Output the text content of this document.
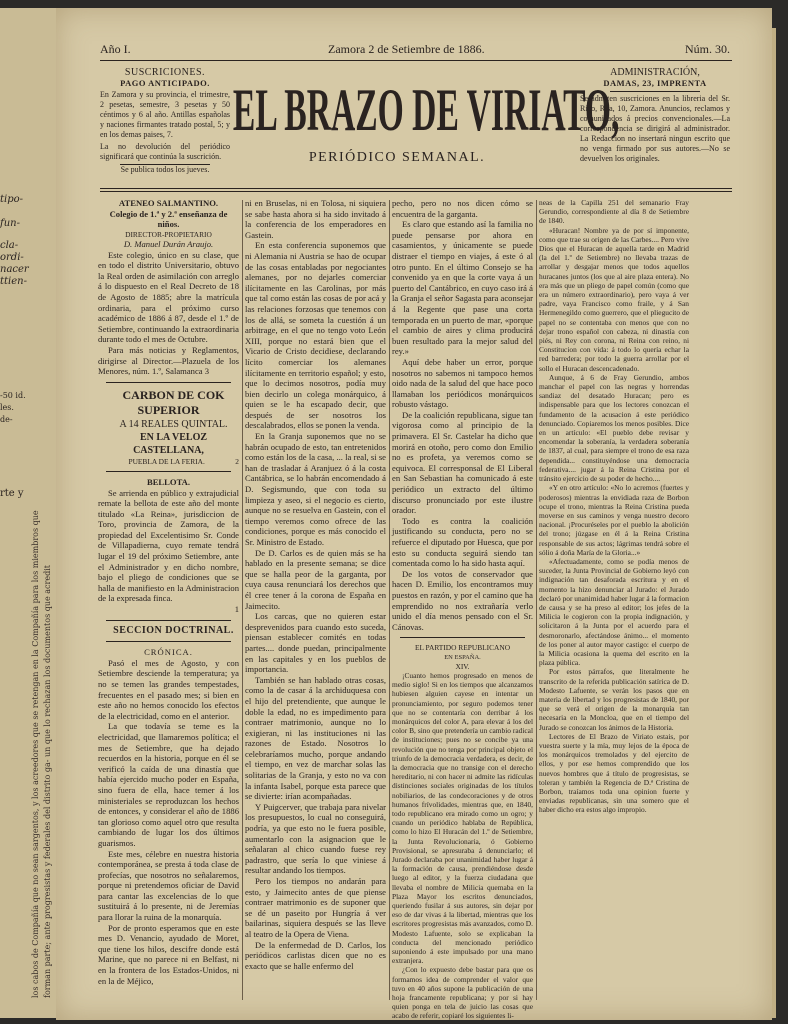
tipo-
fun-
cla-
ordi-
nacer
ttien-
-50 id.
les.
de-
rte y
los cabos de Compañía que no sean sargentos, y los acreedores que se retengan en la Compañía para los miembros que forman parte; ante progresistas y federales del distrito ga- un que lo rechazan los documentos que acredit
Año I.	Zamora 2 de Setiembre de 1886.	Núm. 30.
SUSCRICIONES.
PAGO ANTICIPADO.

En Zamora y su provincia, el trimestre, 2 pesetas, semestre, 3 pesetas y 50 céntimos y 6 al año. Antillas españolas y naciones firmantes tratado postal, 5; y en los demas paises, 7.

La no devolución del periódico significará que continúa la suscrición.

Se publica todos los jueves.
EL BRAZO DE VIRIATO,
PERIÓDICO SEMANAL.
ADMINISTRACIÓN,
DAMAS, 23, IMPRENTA

Se admiten suscriciones en la libreria del Sr. Rico, Rua, 10, Zamora. Anuncios, reclamos y comunicados á precios convencionales.—La correspondencia se dirigirá al administrador. La Redaccion no insertará ningun escrito que no venga firmado por sus autores.—No se devuelven los originales.

ATENEO SALMANTINO.

Colegio de 1.ª y 2.ª enseñanza de niños.

DIRECTOR-PROPIETARIO

D. Manuel Durán Araujo.

Este colegio, único en su clase, que en todo el distrito Universitario, obtuvo la Real orden de asimilación con arreglo á lo dispuesto en el Real Decreto de 18 de Agosto de 1885; abre la matrícula ordinaria, para el próximo curso académico de 1886 á 87, desde el 1.º de Setiembre, continuando la extraordinaria durante todo el mes de Octubre.

Para más noticias y Reglamentos, dirigirse al Director.—Plazuela de los Menores, núm. 1.º, Salamanca 3

CARBON DE COK SUPERIOR

A 14 REALES QUINTAL.

EN LA VELOZ CASTELLANA,

PUEBLA DE LA FERIA.	2

BELLOTA.

Se arrienda en público y extrajudicial remate la bellota de este año del monte titulado «La Reina», jurisdiccion de Toro, provincia de Zamora, de la propiedad del Excelentisimo Sr. Conde de Villapadierna, cuyo remate tendrá lugar el 19 del próximo Setiembre, ante el Administrador y en dicho nombre, bajo el pliego de condiciones que se halla de manifiesto en la Administracion de la expresada finca.

1

SECCION DOCTRINAL.

CRÓNICA.

Pasó el mes de Agosto, y con Setiembre desciende la temperatura; ya no se temen las grandes tempestades, frecuentes en el pasado mes; si bien en este año no hemos conocido los efectos de la electricidad, como en el anterior.

La que todavía se teme es la electricidad, que llamaremos política; el mes de Setiembre, que ha dejado recuerdos en la historia, porque en él se verificó la caída de una dinastía que había ejercido mucho poder en España, sino fuera de ella, hace temer á los ministeriales se reproduzcan los hechos de entonces, y considerar el año de 1886 tan glorioso como aquel otro que resulta cambiando de lugar los dos últimos guarismos.

Este mes, célebre en nuestra historia contemporánea, se presta á toda clase de profecías, que nosotros no señalaremos, porque ni pretendemos oficiar de David para cantar las excelencias de lo que sustituirá á lo presente, ni de Jeremías para llorar la ruina de la monarquía.

Por de pronto esperamos que en este mes D. Venancio, ayudado de Moret, que tiene los hilos, descifre donde está Marine, que no parece ni en Belfast, ni en la frontera de los Estados-Unidos, ni en la de Méjico,

ni en Bruselas, ni en Tolosa, ni siquiera se sabe hasta ahora si ha sido invitado á la conferencia de los emperadores en Gastein.

En esta conferencia suponemos que ni Alemania ni Austria se hao de ocupar de las cosas entabladas por negociantes alemanes, por no dejarles comerciar ilícitamente en las Carolinas, por más que tal como están las cosas de por acá y las relaciones forzosas que tenemos con los de allá, se someta la cuestión á un arbitrage, en el que no tengo voto León XIII, porque no estará bien que el Vicario de Cristo decidiese, declarando lícito comerciar los alemanes ilícitamente en territorio español; y esto, que lo decimos nosotros, podía muy bien decirlo un colega monárquico, á quien se le ha escapado decir, que después de ser nosotros los descalabrados, ellos se ponen la venda.

En la Granja suponemos que no se habrán ocupado de esto, tan entretenidos como están los de la casa, ... la real, si se han de trasladar á Aranjuez ó á la costa Cantábrica, se lo habrán encomendado á D. Segismundo, que con toda su limpieza y aseo, si el negocio es cierto, aunque no se resuelva en Gastein, con el tiempo veremos como ofrece de las condiciones, porque es más conocido el Sr. Ministro de Estado.

De D. Carlos es de quien más se ha hablado en la presente semana; se dice que se halla peor de la garganta, por cuya causa renunciará los derechos que él cree tener á la corona de España en Jaimecito.

Los carcas, que no quieren estar desprevenidos para cuando esto suceda, piensan establecer comités en todas partes.... donde puedan, principalmente en las capitales y en los pueblos de importancia.

También se han hablado otras cosas, como la de casar á la archiduquesa con el hijo del pretendiente, que aunque le doble la edad, no es impedimento para contraer matrimonio, aunque no lo exigieran, ni las instituciones ni las razones de Estado. Nosotros lo celebraríamos mucho, porque andando el tiempo, en vez de marchar solas las solitarias de la Granja, y esto no va con la infanta Isabel, porque esta parece que se divierte: irían acompañadas.

Y Puigcerver, que trabaja para nivelar los presupuestos, lo cual no conseguirá, podría, ya que esto no le fuera posible, aumentarlo con la asignacion que le señalaran al chico cuando fuese rey padrastro, que sería lo que viniese á resultar andando los tiempos.

Pero los tiempos no andarán para esto, y Jaimecito antes de que piense contraer matrimonio es de suponer que se dé un paseito por Hungría á ver bailarinas, siquiera después se las lleve al teatro de la Opera de Viena.

De la enfermedad de D. Carlos, los periódicos carlistas dicen que no es exacto que se halle enfermo del

pecho, pero no nos dicen cómo se encuentra de la garganta.

Es claro que estando así la familia no puede pensarse por ahora en casamientos, y únicamente se puede distraer el tiempo en viajes, á este ó al otro punto. En el último Consejo se ha convenido ya en que la corte vaya á un puerto del Cantábrico, en cuyo caso irá á la Granja el señor Sagasta para aconsejar á la Regente que pase una corta temporada en un puerto de mar, «porque el cambio de aires y clima producirá buen resultado para la mejor salud del rey.»

Aquí debe haber un error, porque nosotros no sabemos ni tampoco hemos oido nada de la salud del que hace poco llamaban los periódicos monárquicos robusto vástago.

De la coalición republicana, sigue tan vigorosa como al principio de la primavera. El Sr. Castelar ha dicho que morirá en otoño, pero como don Emilio no es profeta, ya veremos como se equivoca. El corresponsal de El Liberal en San Sebastian ha comunicado á este periódico un extracto del último discurso pronunciado por este ilustre orador.

Todo es contra la coalición justificando su conducta, pero no se refuerce el diputado por Huesca, que por esto su conducta seguirá siendo tan comentada como lo ha sido hasta aquí.

De los votos de conservador que hacen D. Emilio, los encontramos muy puestos en razón, y por el camino que ha emprendido no nos extrañaría verlo unido el día menos pensado con el Sr. Cánovas.

EL PARTIDO REPUBLICANO

EN ESPAÑA.

XIV.

¡Cuanto hemos progresado en menos de medio siglo! Si en los tiempos que alcanzamos hubiesen alguien cayese en intentar un pronunciamiento, por seguro podemos tener que no se contentaría con derribar á los monárquicos del color A, para elevar á los del color B, sino que pretendería un cambio radical de instituciones; pues no se concibe ya una revolución que no tenga por principal objeto el triunfo de la democracia verdadera, es decir, de la democracia que no transige con el derecho hereditario, ni con hacer ni admite las ridículas distinciones sociales originadas de los títulos nobiliarios, de las condecoraciones y de otros humanos frívolidades, mientras que, en 1840, todo republicano era mirado como un ogro; y cuando un periódico hablaba de República, como lo hizo El Huracán del 1.º de Setiembre, la Junta Revolucionaria, ó Gobierno Provisional, se apresuraba á denunciarlo; el Jurado declaraba por unanimidad haber lugar á la formación de causa, prendiéndose desde luego al editor, y la fuerza ciudadana que llevaba el nombre de Milicia quemaba en la Plaza Mayor los escritos denunciados, queriendo fusilar á sus autores, sin dejar por eso de dar vivas á la libertad, mientras que los escritores progresistas más avanzados, como D. Modesto Lafuente, solo se explicaban la conducta del mencionado periódico suponiendo á este impulsado por una mano extranjera.

¿Con lo expuesto debe bastar para que os formamos idea de comprender el valor que tuvo en 40 años supone la publicación de una hoja francamente republicana; y por si hay quien ponga en tela de juicio las cosas que acabo de referir, copiaré los siguientes li-

neas de la Capilla 251 del semanario Fray Gerundio, correspondiente al día 8 de Setiembre de 1840.

«Huracan! Nombre ya de por sí imponente, como que trae su origen de las Carbes.... Pero vive Dios que el Huracan de aquella tarde en Madrid (la del 1.º de Setiembre) no llevaba trazas de arrollar y desgajar menos que todos aquellos huracanes juntos (los que al aire plaza entera). No era más que un pliego de papel común (como que era un número extraordinario), pero vaya á ver padre, vaya Francisco como fraile, y á San Hermenegildo como guerrero, que el pliegucito de papel no se contentaba con menos que con no dejar trono español con cabeza, ni dinastía con piés, ni Rey con corona, ni Reina con reino, ni Constitucion con vida: á todo lo quería echar la red barredera; por todo la guerra arrollar por el sollo el Huracan descencadenado.

Aunque, á 6 de Fray Gerundio, ambos manchar el papel con las negras y horrendas sandiaz del desatado Huracan; pero es indispensable para que los lectores conozcan el fundamento de la acusacion á este periódico denunciado. Copiaremos los menos posibles. Dice en un artículo: «El pueblo debe revisar y encomendar la soberanía, la verdadera soberanía de 1837, al cual, para siempre el trono de esa raza dependida... constituyéndose una democracia federativa.... jugar á la Reina Cristina por el tránsito ejercicio de su poder de hecho....

«Y en otro artículo: «No lo acremos (fuertes y poderosos) mientras la envidiada raza de Borbon ocupe el trono, mientras la Reina Cristina pueda moverse en sus caminos y venga nuestro decoro nacional. ¡Procuréseles por el pueblo la abolición del trono; júzgase en él á la Reina Cristina responsable de sus actos; lágrimas tendrá sobre el sólio á doña María de la Gloria...»

«Afectuadamente, como se podía menos de suceder, la Junta Provincial de Gobierno leyó con indignación tan desaforada escritura y en el momento la hizo denunciar al Jurado: el Jurado declaró por unanimidad haber lugar á la formacion de causa y se ha preso al editor; los jefes de la Milicia le cogieron con la propia indignación, y solicitaron á la Junta por el acuerdo para el desmoronarlo, afectándose ánimo... el momento de los poner al autor mayor castigo: el cuerpo de la Milicia ocasiona la quema del escrito en la plaza pública.

Por estos párrafos, que literalmente he transcrito de la referida publicación satírica de D. Modesto Lafuente, se verán los pasos que en materia de libertad y los progresistas de 1840, por que se verá el origen de la monarquía tan necesaria en la Moncloa, que en el tiempo del Jurado se conozcan los ánimos de la Historia.

Lectores de El Brazo de Viriato estais, por vuestra suerte y la mía, muy lejos de la época de los monárquicos tremolados y del ejercito de ellos, y por ese hemos comprendido que los nuevos hombres que á título de progresistas, se toleran y también la Regencia de D.ª Cristina de Borbon, traíamos toda una opinion fuerte y enviadas republicanas, sin una somero que el haber dicho era estos algo impropio.
